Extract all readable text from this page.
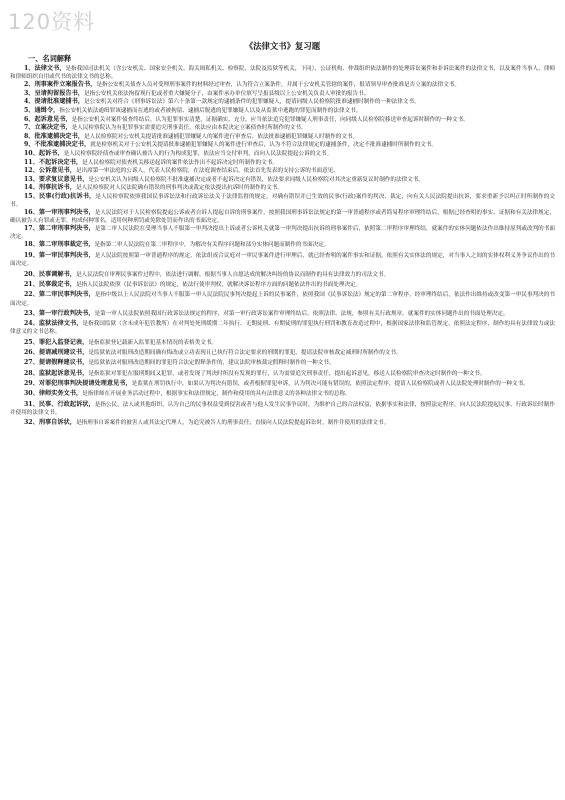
120资料
《法律文书》复习题
一、名词解释

1、法律文书，是指我国司法机关（含公安机关、国家安全机关、海关缉私机关、检察院、法院及监狱等机关，下同）、公证机构、仲裁组织依法制作的处理诉讼案件和非诉讼案件的法律文书，以及案件当事人、律师和律师组织自用或代书的法律文书的总称。

2、刑事案件立案报告书，是指公安机关侦查人员对受理刑事案件的材料经过审查，认为符合立案条件，并属于公安机关管辖的案件，报请领导审查批准是否立案的法律文书。

3、呈请拘留报告书，是指公安机关依法拘留现行犯或者重大嫌疑分子，由案件承办单位填写呈报县级以上公安机关负责人审批的报告书。

4、提请批准逮捕书，是公安机关对符合《刑事诉讼法》第六十条第一款规定的逮捕条件的犯罪嫌疑人，提请同级人民检察院批准逮捕时制作的一种法律文书。

5、通缉令，指公安机关依法通缉罪该逮捕而在逃的或者被拘留、逮捕后脱逃的犯罪嫌疑人以及从监狱中逃跑的罪犯而制作的法律文书。

6、起诉意见书，是指公安机关对案件侦查终结后，认为犯罪事实清楚，证据确实、充分，应当依法追究犯罪嫌疑人刑事责任，向同级人民检察院移送审查起诉时制作的一种文书。

7、立案决定书，是人民检察院认为有犯罪事实需要追究刑事责任，依法应由本院决定立案侦查时所制作的文书。

8、批准逮捕决定书，是人民检察院对公安机关提请批准逮捕犯罪嫌疑人的案件进行审查后，依法批准逮捕犯罪嫌疑人时制作的文书。

9、不批准逮捕决定书，就是检察机关对于公安机关提请批准逮捕犯罪嫌疑人的案件进行审查后，认为不符合法律规定的逮捕条件，决定不批准逮捕时所制作的文书。

10、起诉书，是人民检察院经侦查或审查确认被告人的行为构成犯罪，依法应当交付审判，而向人民法院提起公诉的文书。

11、不起诉决定书，是人民检察院对侦查机关移送起诉的案件依法作出不起诉决定时所制作的文书。

12、公诉意见书，是出席第一审法庭的公诉人，代表人民检察院，在法庭调查结束后，依法首先发表的支持公诉的书面意见。

13、要求复议意见书，是公安机关认为同级人民检察院不批准逮捕决定或者不起诉决定有错误，依法要求同级人民检察院对其决定重新复议时制作的法律文书。

14、刑事抗诉书，是人民检察院对人民法院确有错误的刑事判决或裁定依法提出抗诉时所制作的文书。

15、民事(行政)抗诉书，是人民检察院依照我国民事诉讼法和行政诉讼法关于法律监督的规定，对确有错误并已生效的民事(行政)案件的判决、裁定，向有关人民法院提出抗诉，要求重新予以纠正时所制作的文书。

16、第一审刑事判决书，是人民法院对于人民检察院提起公诉或者自诉人提起自诉的刑事案件，按照我国刑事诉讼法规定的第一审普通程序或者简易程序审理终结后，根据已经查明的事实、证据和有关法律规定，确认被告人有罪或无罪，构成何种罪名，适用何种刑罚或免除处罚而作出的书面决定。

17、第二审刑事判决书，是第二审人民法院在受理当事人不服第一审判决提出上诉或者公诉机关就第一审判决提出抗诉的刑事案件后，依照第二审程序审理终结，就案件的实体问题依法作出维持原判或改判的书面决定。

18、第二审刑事裁定书，是指第二审人民法院在第二审程序中，为解决有关程序问题和部分实体问题而制作的书面决定。

19、第一审民事判决书，是人民法院按照第一审普通程序的规定，依法组成合议庭对一审民事案件进行审理后，就已经查明的案件事实和证据，依照有关实体法的规定，对当事人之间的实体权利义务争议作出的书面决定。

20、民事调解书，是人民法院在审理民事案件过程中，依法进行调解，根据当事人自愿达成的解决纠纷的协议而制作的具有法律效力的司法文书。

21、民事裁定书，是指人民法院依照《民事诉讼法》的规定，依法行使审判权，就解决诉讼程序方面的问题依法作出的书面处理决定。

22、第二审民事判决书，是指中级以上人民法院对当事人不服第一审人民法院民事判决提起上诉的民事案件，依照我国《民事诉讼法》规定的第二审程序，经审理终结后，依法作出维持或改变第一审民事判决的书面决定。

23、第一审行政判决书，是第一审人民法院依照我国行政诉讼法规定的程序，对第一审行政诉讼案件审理终结后，依照法律、法规，参照有关行政规章，就案件的实体问题作出的书面处理决定。

24、监狱法律文书，是指我国监狱（含未成年犯管教所）在对判处死刑缓期二年执行、无期徒刑、有期徒刑的罪犯执行刑罚和教育改造过程中，根据国家法律和监管规定，依照法定程序，制作的具有法律效力或法律意义的文书总称。

25、罪犯入监登记表，是指监狱登记载新入监罪犯基本情况的表格类文书。

26、提请减刑建议书，是监狱依法对服刑改造期间确有悔改或立功表现且已执行符合法定要求的刑期的罪犯，提请法院审核裁定减刑时所制作的文书。

27、提请假释建议书，是监狱依法对服刑改造期间的罪犯符合法定假释条件的，建议法院审核裁定假释时制作的一种文书。

28、监狱起诉意见书，是指监狱对罪犯在服刑期间又犯罪，或者发现了判决时所没有发现的罪行，认为需要追究刑事责任，提出起诉意见，移送人民检察院审查决定时制作的一种文书。

29、对罪犯刑事判决提请处理意见书，是监狱在刑罚执行中，如果认为判决有错误，或者根据罪犯申诉，认为判决可能有错误的，依照法定程序，提请人民检察院或者人民法院处理时制作的一种文书。

30、律师实务文书，是指律师在开展业务活动过程中，根据事实和法律规定，制作和使用的具有法律意义的各种法律文书的总称。

31、民事、行政起诉状，是指公民、法人或其他组织，认为自己的民事权益受到侵害或者与他人发生民事争议时，为维护自己的合法权益，依据事实和法律，按照法定程序，向人民法院提起民事、行政诉讼时制作并使用的法律文书。

32、刑事自诉状，是指刑事自诉案件的被害人或其法定代理人，为追究被告人的刑事责任，直接向人民法院提起诉讼时，制作并使用的法律文书。
